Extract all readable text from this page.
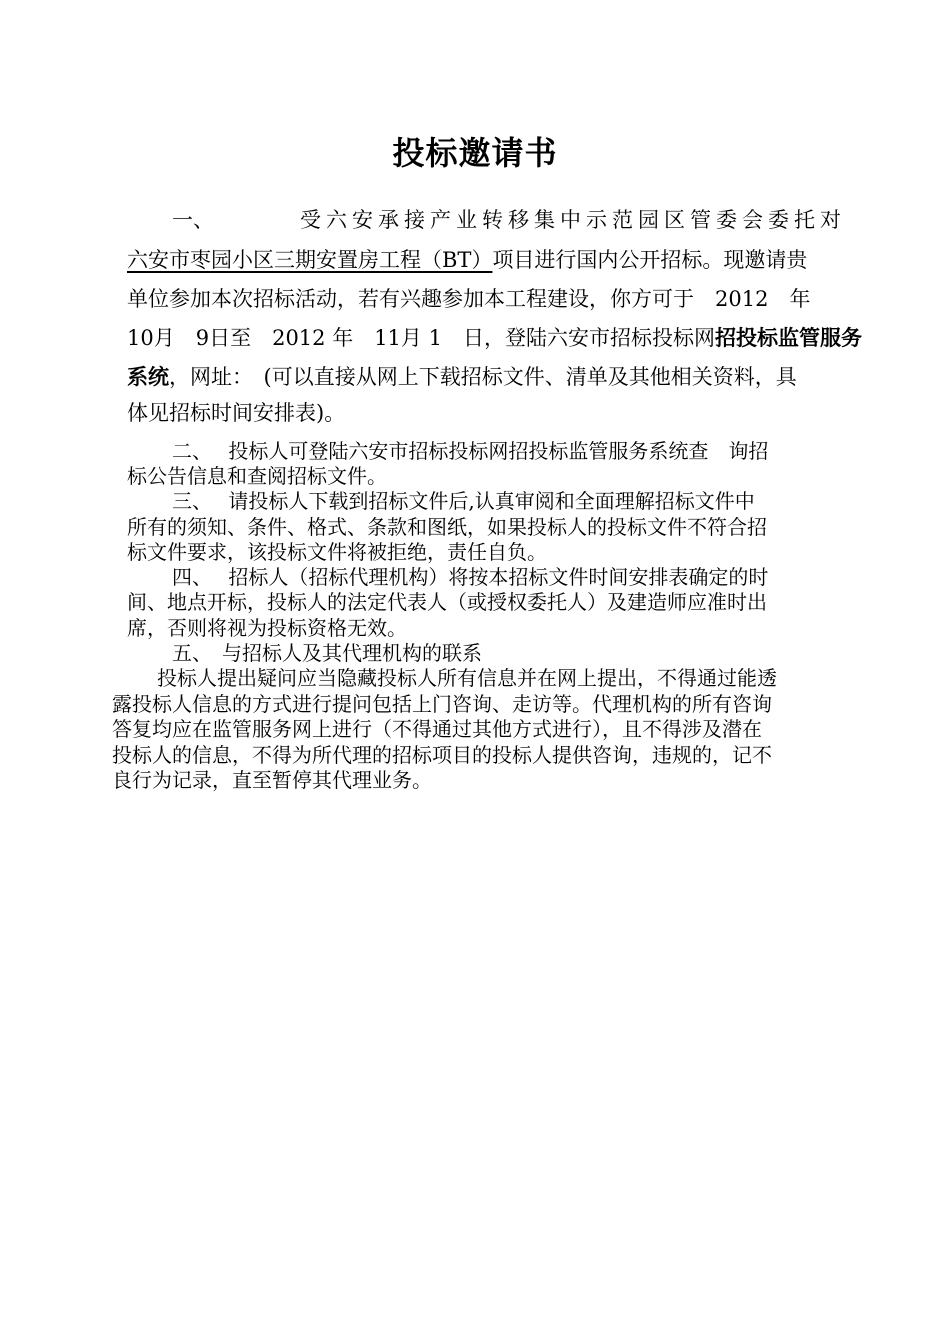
投标邀请书
一、	受六安承接产业转移集中示范园区管委会委托对
六安市枣园小区三期安置房工程（BT）项目进行国内公开招标。现邀请贵
单位参加本次招标活动，若有兴趣参加本工程建设，你方可于　2012　年
10月　9日至　2012 年　11月 1　日，登陆六安市招标投标网招投标监管服务
系统，网址：　(可以直接从网上下载招标文件、清单及其他相关资料，具
体见招标时间安排表)。
二、　 投标人可登陆六安市招标投标网招投标监管服务系统查　询招
标公告信息和查阅招标文件。
三、　 请投标人下载到招标文件后,认真审阅和全面理解招标文件中
所有的须知、条件、格式、条款和图纸，如果投标人的投标文件不符合招
标文件要求，该投标文件将被拒绝，责任自负。
四、　 招标人（招标代理机构）将按本招标文件时间安排表确定的时
间、地点开标，投标人的法定代表人（或授权委托人）及建造师应准时出
席，否则将视为投标资格无效。
五、　与招标人及其代理机构的联系
投标人提出疑问应当隐藏投标人所有信息并在网上提出，不得通过能透
露投标人信息的方式进行提问包括上门咨询、走访等。代理机构的所有咨询
答复均应在监管服务网上进行（不得通过其他方式进行），且不得涉及潜在
投标人的信息，不得为所代理的招标项目的投标人提供咨询，违规的，记不
良行为记录，直至暂停其代理业务。
